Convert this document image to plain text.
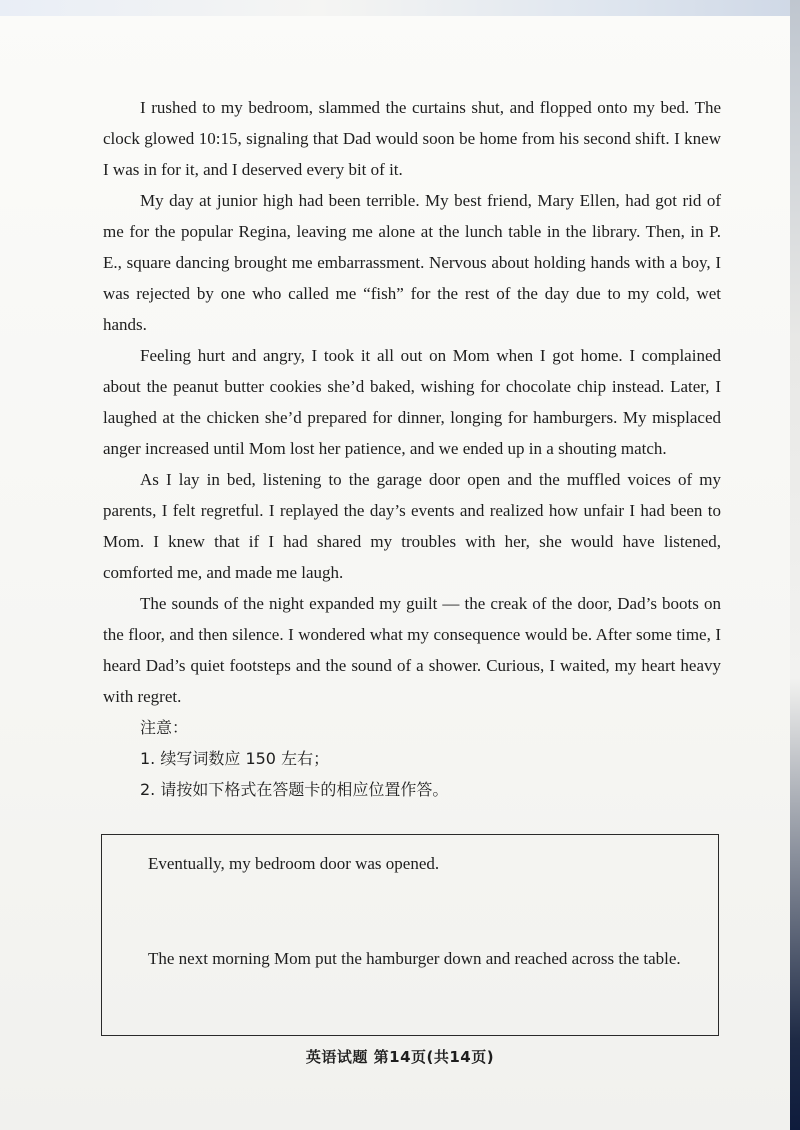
I rushed to my bedroom, slammed the curtains shut, and flopped onto my bed. The clock glowed 10:15, signaling that Dad would soon be home from his second shift. I knew I was in for it, and I deserved every bit of it.

My day at junior high had been terrible. My best friend, Mary Ellen, had got rid of me for the popular Regina, leaving me alone at the lunch table in the library. Then, in P. E., square dancing brought me embarrassment. Nervous about holding hands with a boy, I was rejected by one who called me “fish” for the rest of the day due to my cold, wet hands.

Feeling hurt and angry, I took it all out on Mom when I got home. I complained about the peanut butter cookies she’d baked, wishing for chocolate chip instead. Later, I laughed at the chicken she’d prepared for dinner, longing for hamburgers. My misplaced anger increased until Mom lost her patience, and we ended up in a shouting match.

As I lay in bed, listening to the garage door open and the muffled voices of my parents, I felt regretful. I replayed the day’s events and realized how unfair I had been to Mom. I knew that if I had shared my troubles with her, she would have listened, comforted me, and made me laugh.

The sounds of the night expanded my guilt — the creak of the door, Dad’s boots on the floor, and then silence. I wondered what my consequence would be. After some time, I heard Dad’s quiet footsteps and the sound of a shower. Curious, I waited, my heart heavy with regret.

注意：

1. 续写词数应 150 左右；

2. 请按如下格式在答题卡的相应位置作答。

Eventually, my bedroom door was opened.

The next morning Mom put the hamburger down and reached across the table.

英语试题 第14页(共14页)
